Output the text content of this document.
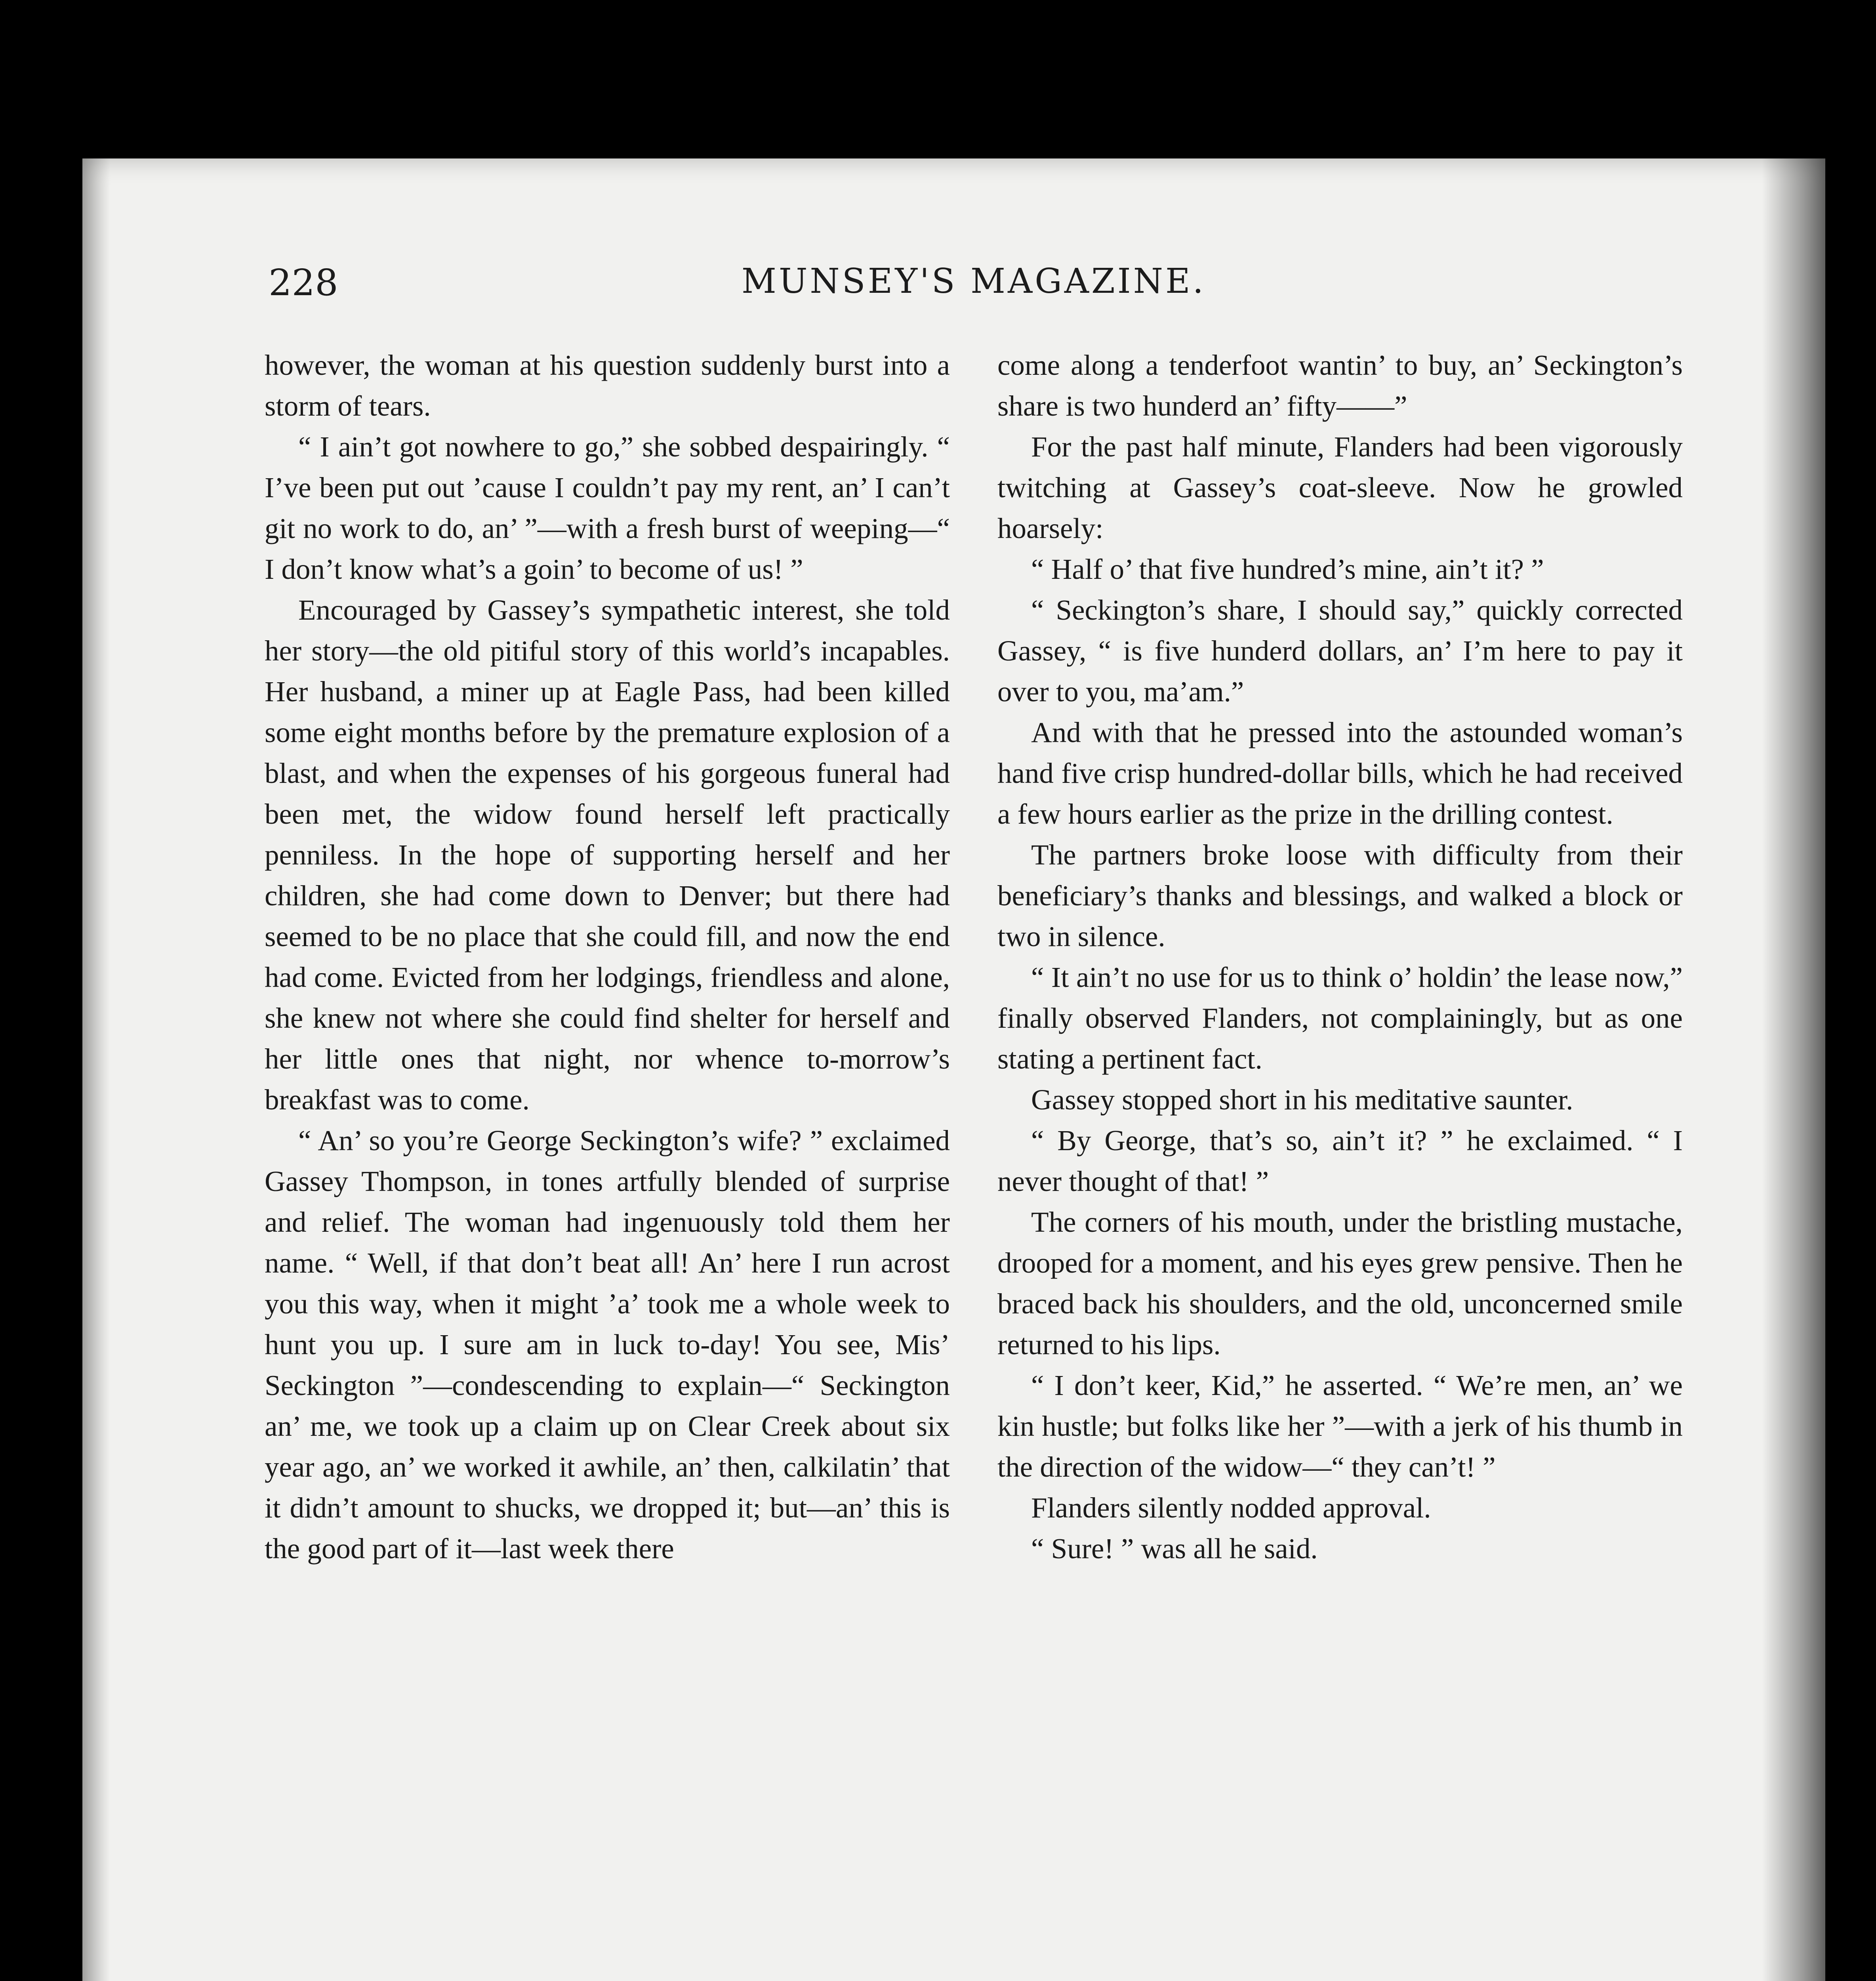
228	MUNSEY'S MAGAZINE.

however, the woman at his question suddenly burst into a storm of tears.

“ I ain’t got nowhere to go,” she sobbed despairingly. “ I’ve been put out ’cause I couldn’t pay my rent, an’ I can’t git no work to do, an’ ”—with a fresh burst of weeping—“ I don’t know what’s a goin’ to become of us! ”

Encouraged by Gassey’s sympathetic interest, she told her story—the old pitiful story of this world’s incapables. Her husband, a miner up at Eagle Pass, had been killed some eight months before by the premature explosion of a blast, and when the expenses of his gorgeous funeral had been met, the widow found herself left practically penniless. In the hope of supporting herself and her children, she had come down to Denver; but there had seemed to be no place that she could fill, and now the end had come. Evicted from her lodgings, friendless and alone, she knew not where she could find shelter for herself and her little ones that night, nor whence to-morrow’s breakfast was to come.

“ An’ so you’re George Seckington’s wife? ” exclaimed Gassey Thompson, in tones artfully blended of surprise and relief. The woman had ingenuously told them her name. “ Well, if that don’t beat all! An’ here I run acrost you this way, when it might ’a’ took me a whole week to hunt you up. I sure am in luck to-day! You see, Mis’ Seckington ”—condescending to explain—“ Seckington an’ me, we took up a claim up on Clear Creek about six year ago, an’ we worked it awhile, an’ then, calkilatin’ that it didn’t amount to shucks, we dropped it; but—an’ this is the good part of it—last week there

come along a tenderfoot wantin’ to buy, an’ Seckington’s share is two hunderd an’ fifty——”

For the past half minute, Flanders had been vigorously twitching at Gassey’s coat-sleeve. Now he growled hoarsely:

“ Half o’ that five hundred’s mine, ain’t it? ”

“ Seckington’s share, I should say,” quickly corrected Gassey, “ is five hunderd dollars, an’ I’m here to pay it over to you, ma’am.”

And with that he pressed into the astounded woman’s hand five crisp hundred-dollar bills, which he had received a few hours earlier as the prize in the drilling contest.

The partners broke loose with difficulty from their beneficiary’s thanks and blessings, and walked a block or two in silence.

“ It ain’t no use for us to think o’ holdin’ the lease now,” finally observed Flanders, not complainingly, but as one stating a pertinent fact.

Gassey stopped short in his meditative saunter.

“ By George, that’s so, ain’t it? ” he exclaimed. “ I never thought of that! ”

The corners of his mouth, under the bristling mustache, drooped for a moment, and his eyes grew pensive. Then he braced back his shoulders, and the old, unconcerned smile returned to his lips.

“ I don’t keer, Kid,” he asserted. “ We’re men, an’ we kin hustle; but folks like her ”—with a jerk of his thumb in the direction of the widow—“ they can’t! ”

Flanders silently nodded approval.

“ Sure! ” was all he said.
